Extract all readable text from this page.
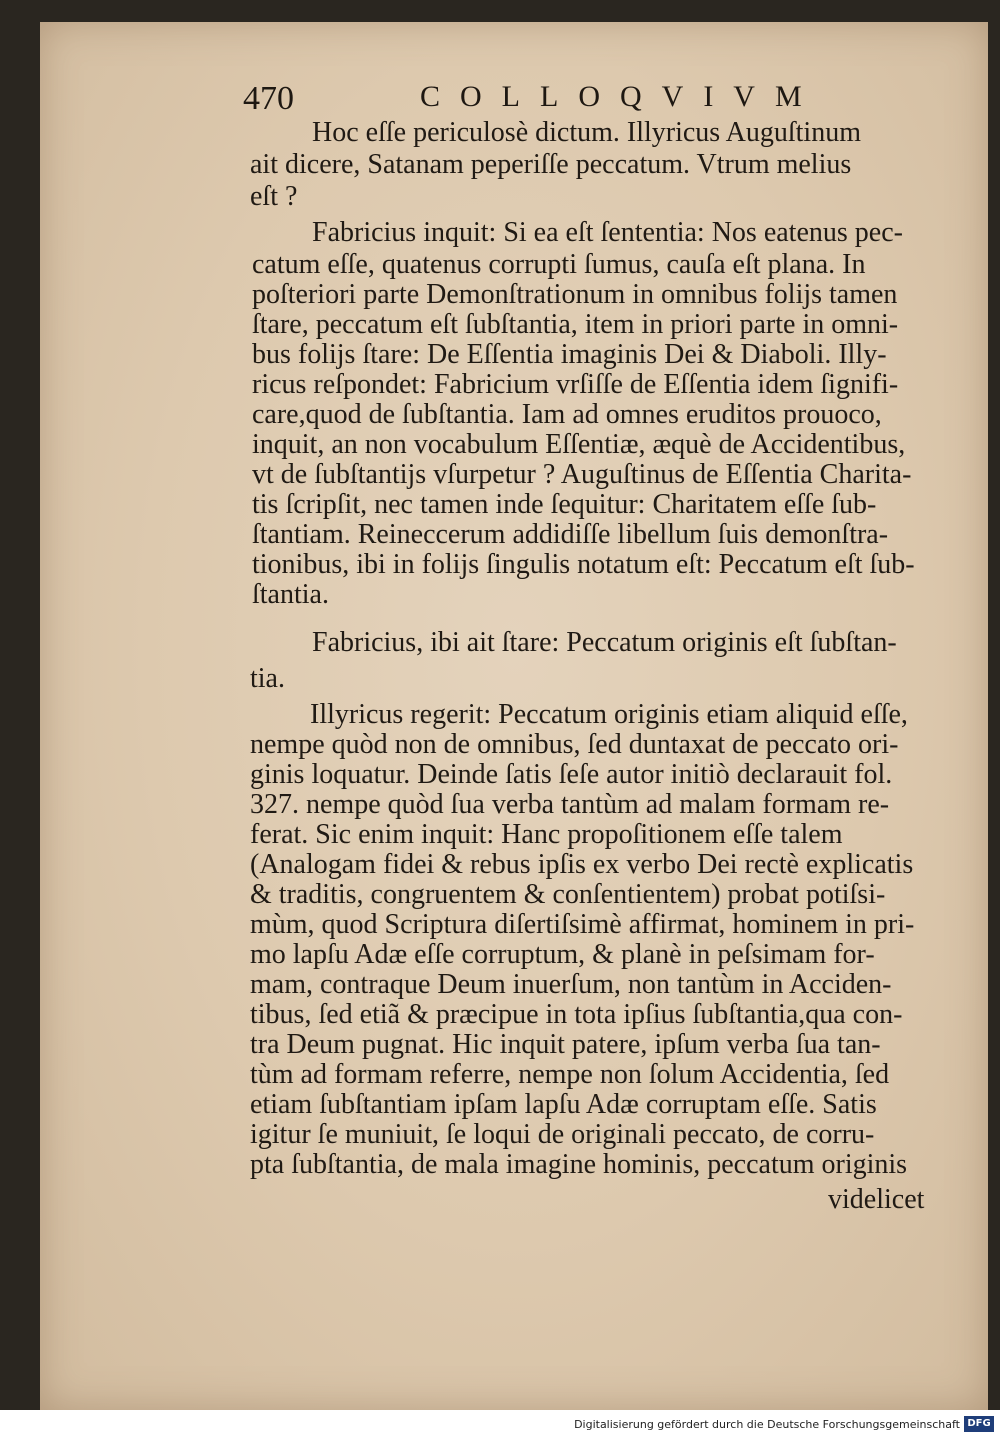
470	COLLOQVIVM
Hoc eſſe periculosè dictum. Illyricus Auguſtinum
ait dicere, Satanam peperiſſe peccatum. Vtrum melius
eſt ?
Fabricius inquit: Si ea eſt ſententia: Nos eatenus pec-
catum eſſe, quatenus corrupti ſumus, cauſa eſt plana. In
poſteriori parte Demonſtrationum in omnibus folijs tamen
ſtare, peccatum eſt ſubſtantia, item in priori parte in omni-
bus folijs ſtare: De Eſſentia imaginis Dei & Diaboli. Illy-
ricus reſpondet: Fabricium vrſiſſe de Eſſentia idem ſignifi-
care,quod de ſubſtantia. Iam ad omnes eruditos prouoco,
inquit, an non vocabulum Eſſentiæ, æquè de Accidentibus,
vt de ſubſtantijs vſurpetur ? Auguſtinus de Eſſentia Charita-
tis ſcripſit, nec tamen inde ſequitur: Charitatem eſſe ſub-
ſtantiam. Reineccerum addidiſſe libellum ſuis demonſtra-
tionibus, ibi in folijs ſingulis notatum eſt: Peccatum eſt ſub-
ſtantia.
Fabricius, ibi ait ſtare: Peccatum originis eſt ſubſtan-
tia.
Illyricus regerit: Peccatum originis etiam aliquid eſſe,
nempe quòd non de omnibus, ſed duntaxat de peccato ori-
ginis loquatur. Deinde ſatis ſeſe autor initiò declarauit fol.
327. nempe quòd ſua verba tantùm ad malam formam re-
ferat. Sic enim inquit: Hanc propoſitionem eſſe talem
(Analogam fidei & rebus ipſis ex verbo Dei rectè explicatis
& traditis, congruentem & conſentientem) probat potiſsi-
mùm, quod Scriptura diſertiſsimè affirmat, hominem in pri-
mo lapſu Adæ eſſe corruptum, & planè in peſsimam for-
mam, contraque Deum inuerſum, non tantùm in Acciden-
tibus, ſed etiã & præcipue in tota ipſius ſubſtantia,qua con-
tra Deum pugnat. Hic inquit patere, ipſum verba ſua tan-
tùm ad formam referre, nempe non ſolum Accidentia, ſed
etiam ſubſtantiam ipſam lapſu Adæ corruptam eſſe. Satis
igitur ſe muniuit, ſe loqui de originali peccato, de corru-
pta ſubſtantia, de mala imagine hominis, peccatum originis
videlicet
Digitalisierung gefördert durch die Deutsche Forschungsgemeinschaft DFG
